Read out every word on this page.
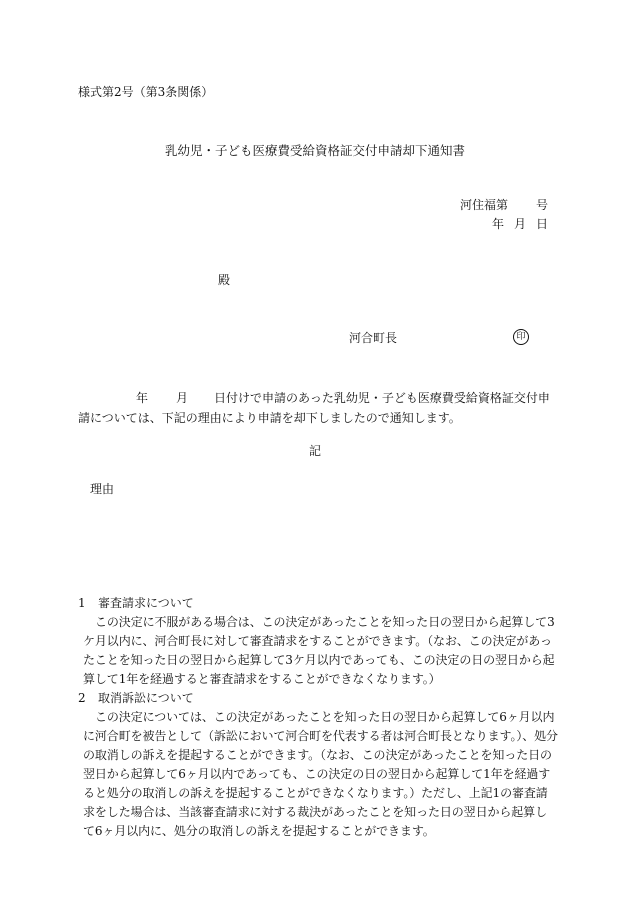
様式第2号（第3条関係）
乳幼児・子ども医療費受給資格証交付申請却下通知書
河住福第 号
年 月 日
殿
河合町長	印
年 月 日付けで申請のあった乳幼児・子ども医療費受給資格証交付申請については、下記の理由により申請を却下しましたので通知します。
記
理由
1 審査請求について
この決定に不服がある場合は、この決定があったことを知った日の翌日から起算して3ケ月以内に、河合町長に対して審査請求をすることができます。（なお、この決定があったことを知った日の翌日から起算して3ケ月以内であっても、この決定の日の翌日から起算して1年を経過すると審査請求をすることができなくなります。）
2 取消訴訟について
この決定については、この決定があったことを知った日の翌日から起算して6ヶ月以内に河合町を被告として（訴訟において河合町を代表する者は河合町長となります。）、処分の取消しの訴えを提起することができます。（なお、この決定があったことを知った日の翌日から起算して6ヶ月以内であっても、この決定の日の翌日から起算して1年を経過すると処分の取消しの訴えを提起することができなくなります。）ただし、上記1の審査請求をした場合は、当該審査請求に対する裁決があったことを知った日の翌日から起算して6ヶ月以内に、処分の取消しの訴えを提起することができます。
